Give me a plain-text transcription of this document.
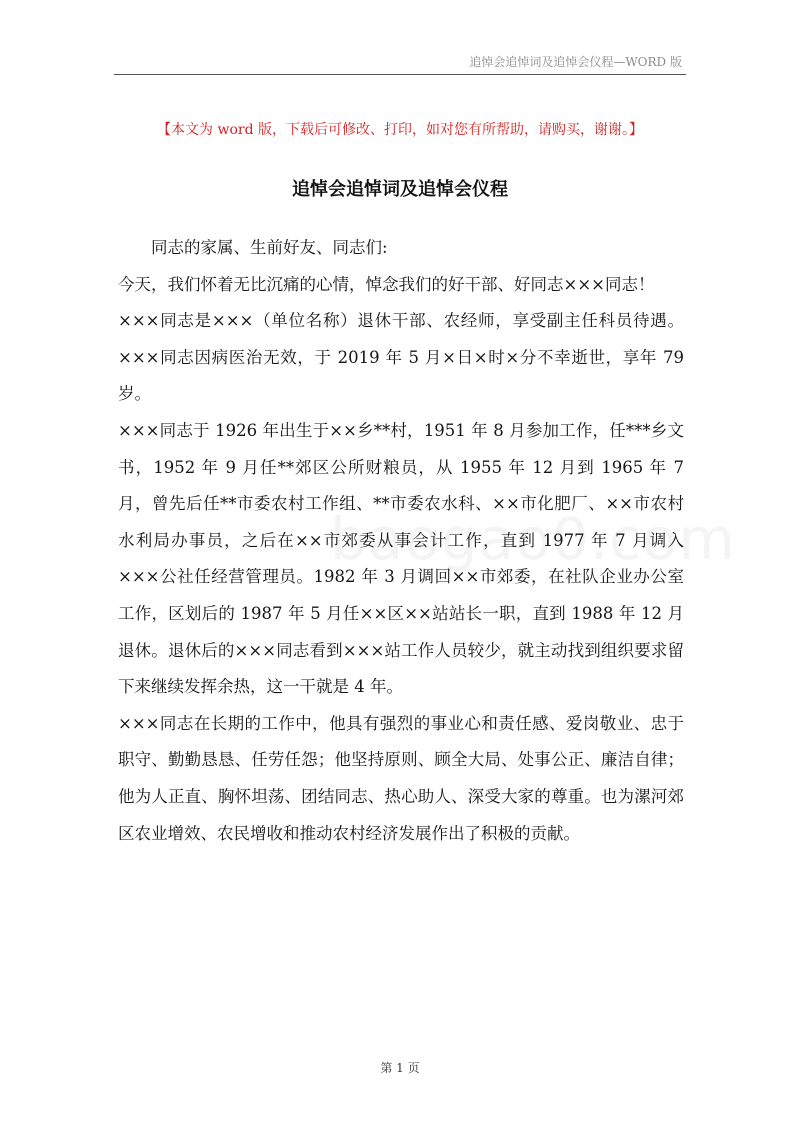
追悼会追悼词及追悼会仪程—WORD 版
【本文为 word 版，下载后可修改、打印，如对您有所帮助，请购买，谢谢。】
追悼会追悼词及追悼会仪程

同志的家属、生前好友、同志们:

今天，我们怀着无比沉痛的心情，悼念我们的好干部、好同志×××同志！

×××同志是×××（单位名称）退休干部、农经师，享受副主任科员待遇。×××同志因病医治无效，于 2019 年 5 月×日×时×分不幸逝世，享年 79 岁。

×××同志于 1926 年出生于××乡**村，1951 年 8 月参加工作，任***乡文书，1952 年 9 月任**郊区公所财粮员，从 1955 年 12 月到 1965 年 7 月，曾先后任**市委农村工作组、**市委农水科、××市化肥厂、××市农村水利局办事员，之后在××市郊委从事会计工作，直到 1977 年 7 月调入×××公社任经营管理员。1982 年 3 月调回××市郊委，在社队企业办公室工作，区划后的 1987 年 5 月任××区××站站长一职，直到 1988 年 12 月退休。退休后的×××同志看到×××站工作人员较少，就主动找到组织要求留下来继续发挥余热，这一干就是 4 年。

×××同志在长期的工作中，他具有强烈的事业心和责任感、爱岗敬业、忠于职守、勤勤恳恳、任劳任怨；他坚持原则、顾全大局、处事公正、廉洁自律；他为人正直、胸怀坦荡、团结同志、热心助人、深受大家的尊重。也为漯河郊区农业增效、农民增收和推动农村经济发展作出了积极的贡献。

第 1 页
